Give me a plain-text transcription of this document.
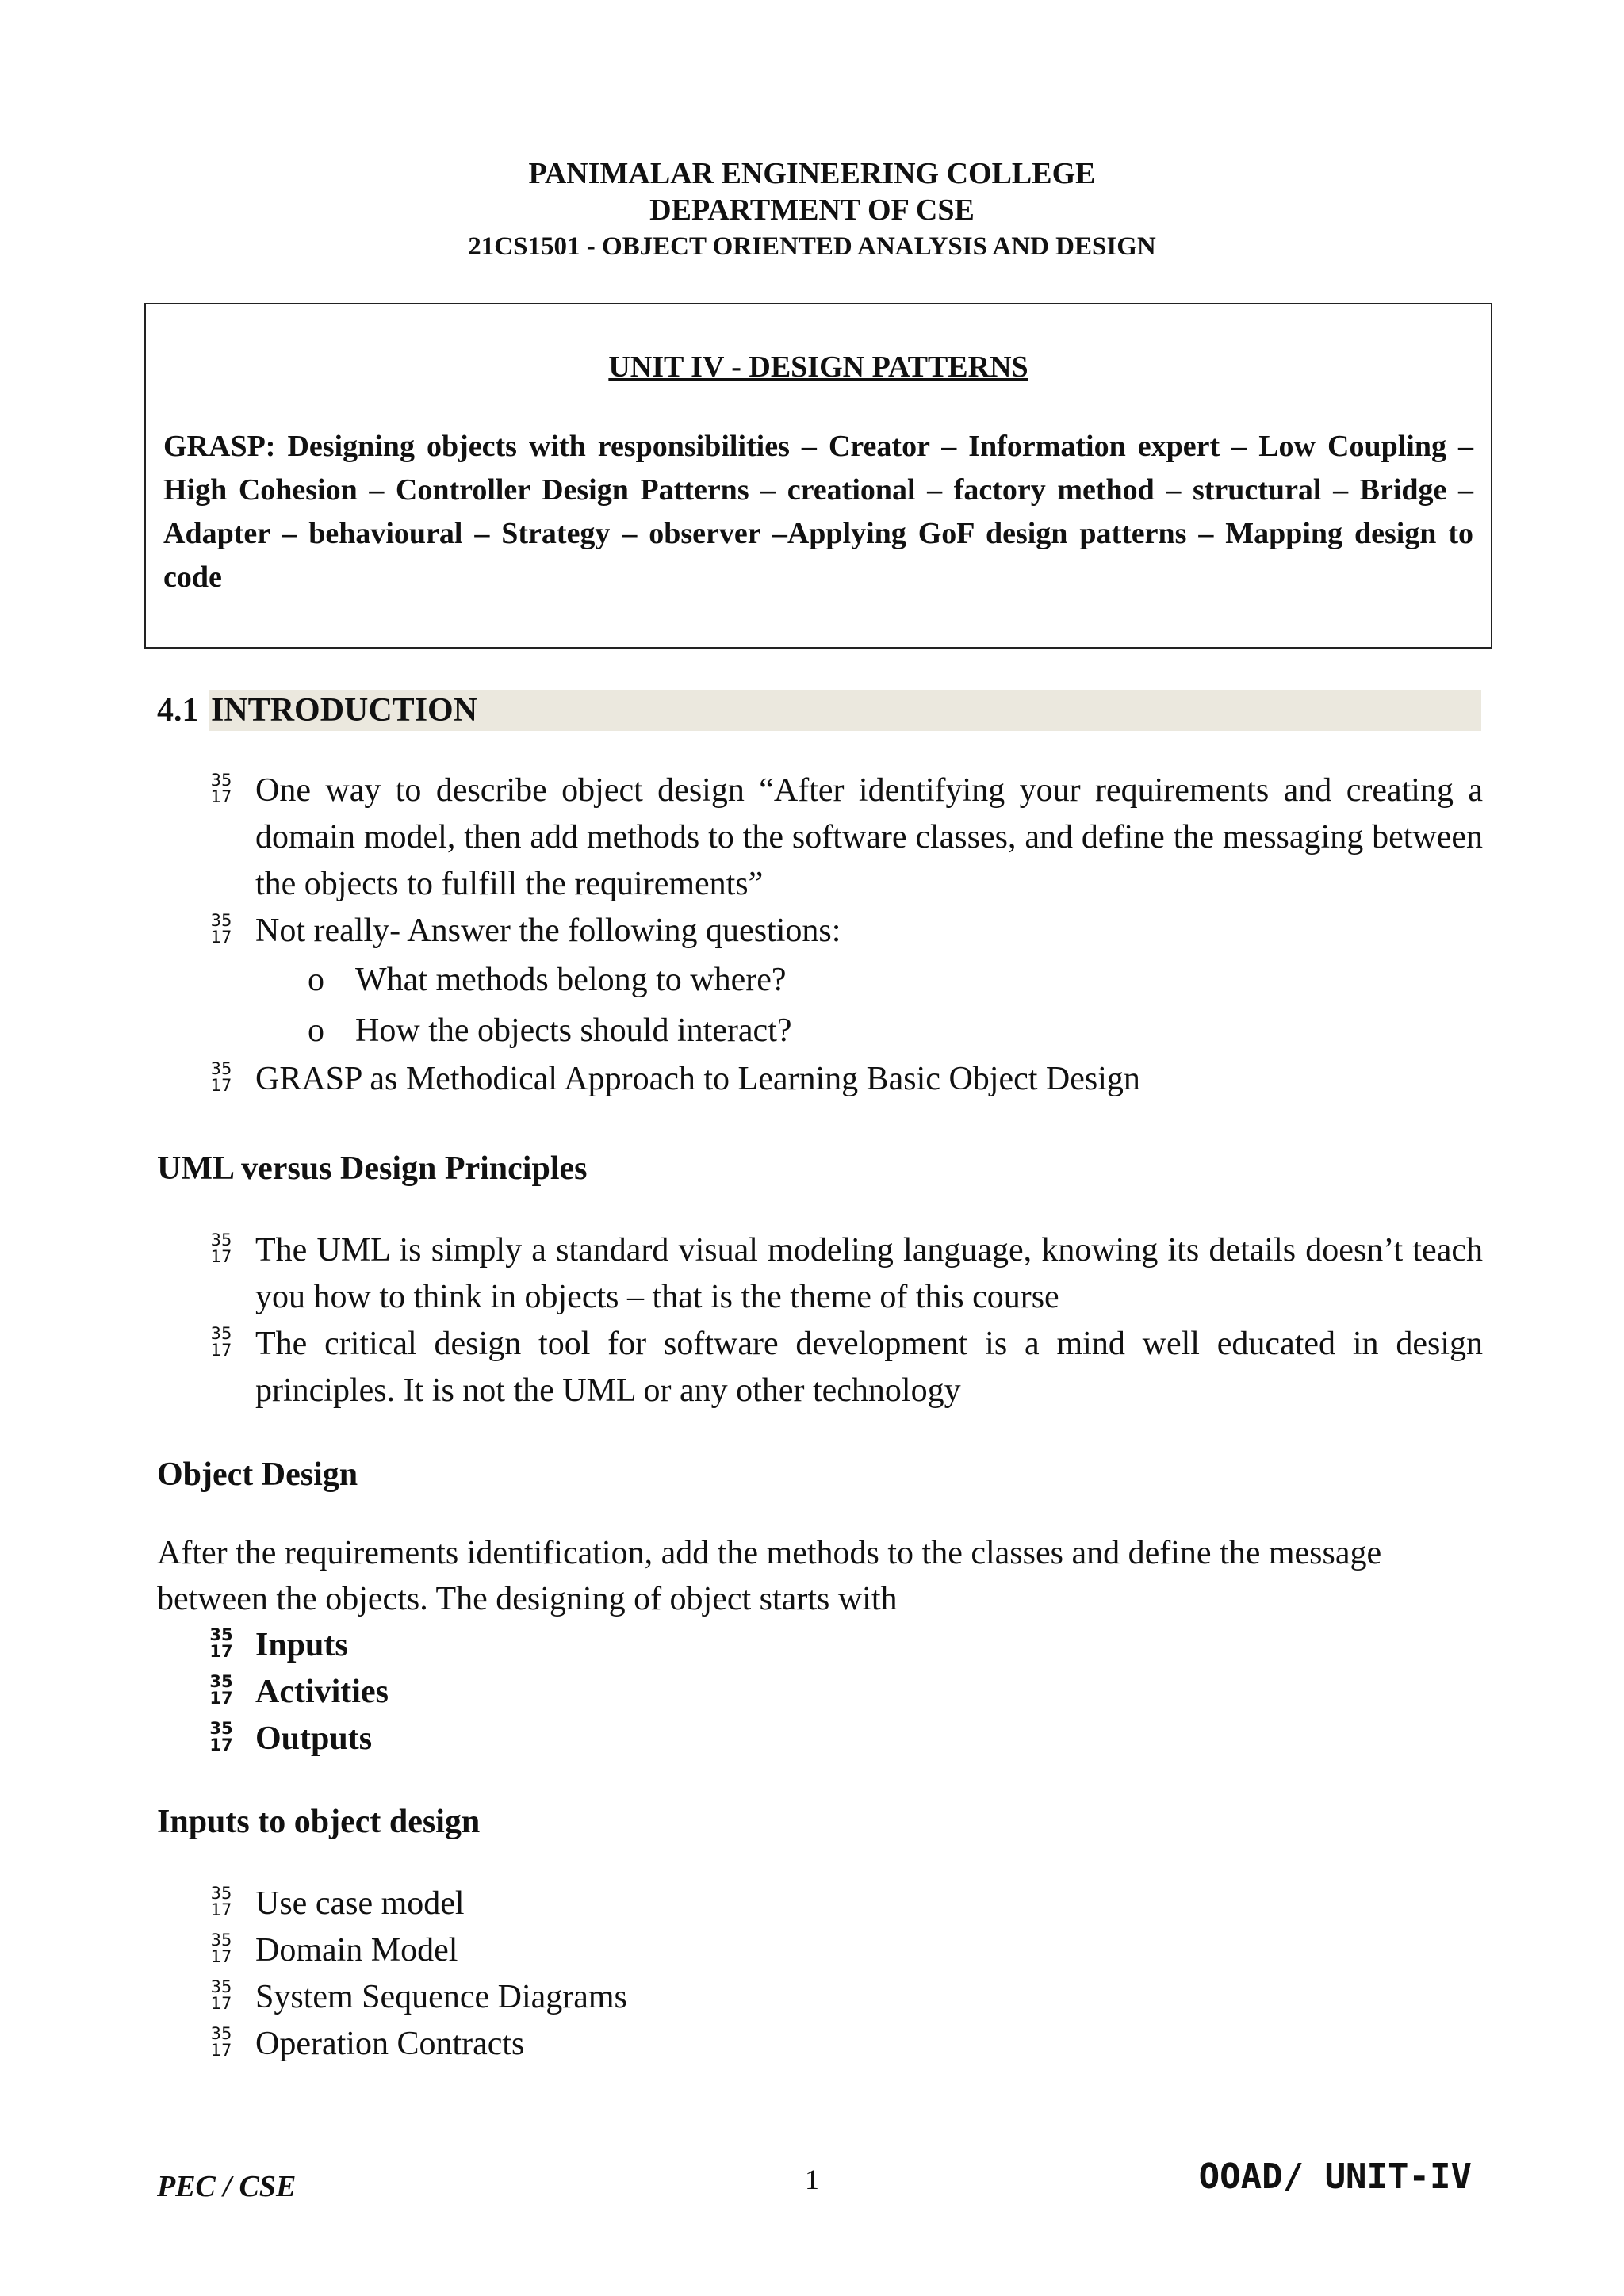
PANIMALAR ENGINEERING COLLEGE
DEPARTMENT OF CSE
21CS1501 - OBJECT ORIENTED ANALYSIS AND DESIGN
UNIT IV - DESIGN PATTERNS
GRASP: Designing objects with responsibilities – Creator – Information expert – Low Coupling – High Cohesion – Controller Design Patterns – creational – factory method – structural – Bridge – Adapter – behavioural – Strategy – observer –Applying GoF design patterns – Mapping design to code
4.1 INTRODUCTION
35
17 One way to describe object design “After identifying your requirements and creating a domain model, then add methods to the software classes, and define the messaging between the objects to fulfill the requirements”
35
17 Not really- Answer the following questions:
o What methods belong to where?
o How the objects should interact?
35
17 GRASP as Methodical Approach to Learning Basic Object Design
UML versus Design Principles
35
17 The UML is simply a standard visual modeling language, knowing its details doesn’t teach you how to think in objects – that is the theme of this course
35
17 The critical design tool for software development is a mind well educated in design principles. It is not the UML or any other technology
Object Design
After the requirements identification, add the methods to the classes and define the message between the objects. The designing of object starts with
35
17 Inputs
35
17 Activities
35
17 Outputs
Inputs to object design
35
17 Use case model
35
17 Domain Model
35
17 System Sequence Diagrams
35
17 Operation Contracts
PEC / CSE	1	OOAD/ UNIT-IV
